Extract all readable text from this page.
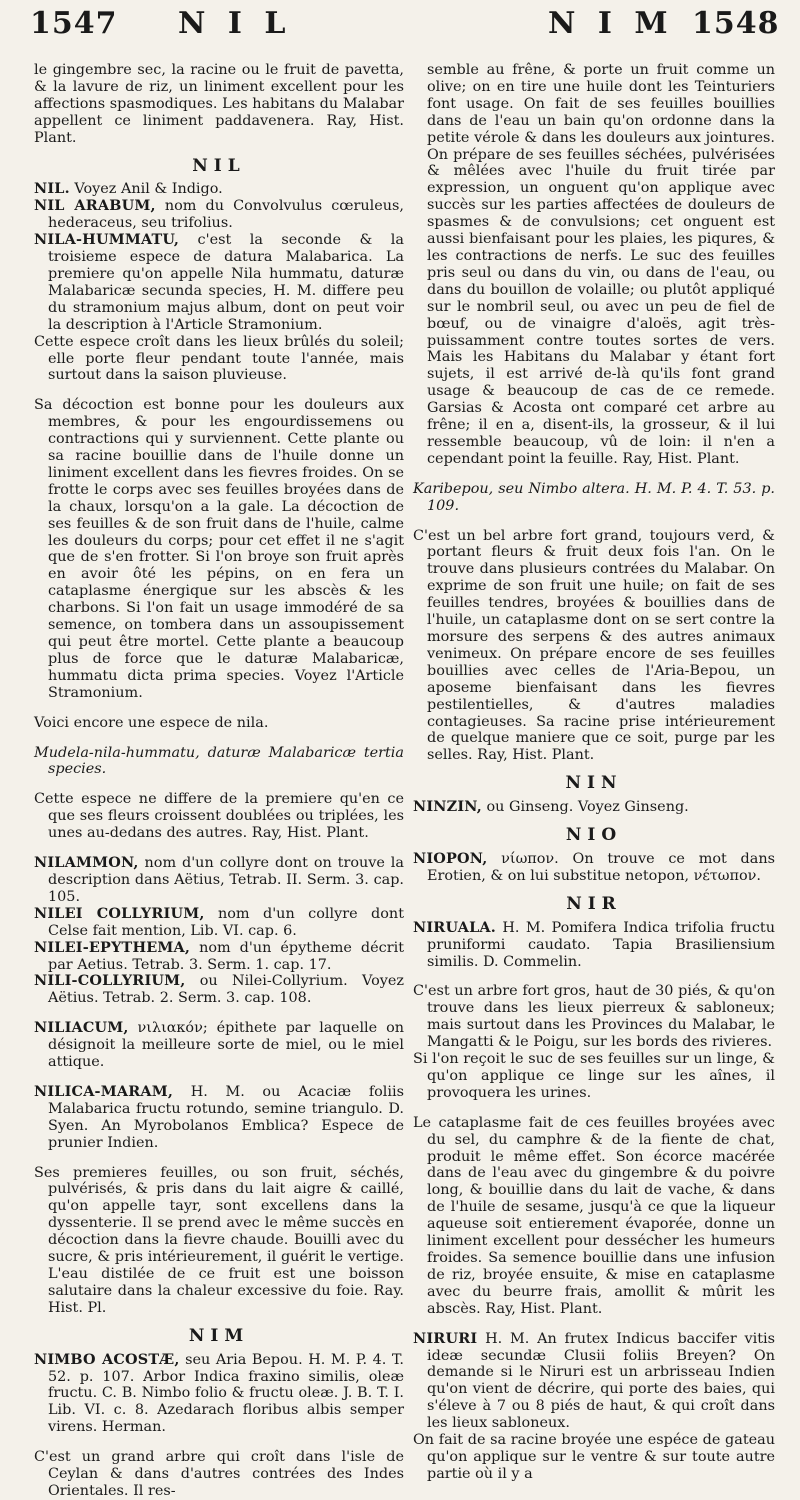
1547 N I L	N I M 1548

le gingembre sec, la racine ou le fruit de pavetta, & la lavure de riz, un liniment excellent pour les affections spasmodiques. Les habitans du Malabar appellent ce liniment paddavenera. Ray, Hist. Plant.

NIL

NIL. Voyez Anil & Indigo.

NIL ARABUM, nom du Convolvulus cœruleus, hederaceus, seu trifolius.

NILA-HUMMATU, c'est la seconde & la troisieme espece de datura Malabarica. La premiere qu'on appelle Nila hummatu, daturæ Malabaricæ secunda species, H. M. differe peu du stramonium majus album, dont on peut voir la description à l'Article Stramonium.

Cette espece croît dans les lieux brûlés du soleil; elle porte fleur pendant toute l'année, mais surtout dans la saison pluvieuse.

Sa décoction est bonne pour les douleurs aux membres, & pour les engourdissemens ou contractions qui y surviennent. Cette plante ou sa racine bouillie dans de l'huile donne un liniment excellent dans les fievres froides. On se frotte le corps avec ses feuilles broyées dans de la chaux, lorsqu'on a la gale. La décoction de ses feuilles & de son fruit dans de l'huile, calme les douleurs du corps; pour cet effet il ne s'agit que de s'en frotter. Si l'on broye son fruit après en avoir ôté les pépins, on en fera un cataplasme énergique sur les abscès & les charbons. Si l'on fait un usage immodéré de sa semence, on tombera dans un assoupissement qui peut être mortel. Cette plante a beaucoup plus de force que le daturæ Malabaricæ, hummatu dicta prima species. Voyez l'Article Stramonium.

Voici encore une espece de nila.

Mudela-nila-hummatu, daturæ Malabaricæ tertia species.

Cette espece ne differe de la premiere qu'en ce que ses fleurs croissent doublées ou triplées, les unes au-dedans des autres. Ray, Hist. Plant.

NILAMMON, nom d'un collyre dont on trouve la description dans Aëtius, Tetrab. II. Serm. 3. cap. 105.

NILEI COLLYRIUM, nom d'un collyre dont Celse fait mention, Lib. VI. cap. 6.

NILEI-EPYTHEMA, nom d'un épytheme décrit par Aetius. Tetrab. 3. Serm. 1. cap. 17.

NILI-COLLYRIUM, ou Nilei-Collyrium. Voyez Aëtius. Tetrab. 2. Serm. 3. cap. 108.

NILIACUM, νιλιακόν; épithete par laquelle on désignoit la meilleure sorte de miel, ou le miel attique.

NILICA-MARAM, H. M. ou Acaciæ foliis Malabarica fructu rotundo, semine triangulo. D. Syen. An Myrobolanos Emblica? Espece de prunier Indien.

Ses premieres feuilles, ou son fruit, séchés, pulvérisés, & pris dans du lait aigre & caillé, qu'on appelle tayr, sont excellens dans la dyssenterie. Il se prend avec le même succès en décoction dans la fievre chaude. Bouilli avec du sucre, & pris intérieurement, il guérit le vertige. L'eau distilée de ce fruit est une boisson salutaire dans la chaleur excessive du foie. Ray. Hist. Pl.

NIM

NIMBO ACOSTÆ, seu Aria Bepou. H. M. P. 4. T. 52. p. 107. Arbor Indica fraxino similis, oleæ fructu. C. B. Nimbo folio & fructu oleæ. J. B. T. I. Lib. VI. c. 8. Azedarach floribus albis semper virens. Herman.

C'est un grand arbre qui croît dans l'isle de Ceylan & dans d'autres contrées des Indes Orientales. Il res-

semble au frêne, & porte un fruit comme un olive; on en tire une huile dont les Teinturiers font usage. On fait de ses feuilles bouillies dans de l'eau un bain qu'on ordonne dans la petite vérole & dans les douleurs aux jointures. On prépare de ses feuilles séchées, pulvérisées & mêlées avec l'huile du fruit tirée par expression, un onguent qu'on applique avec succès sur les parties affectées de douleurs de spasmes & de convulsions; cet onguent est aussi bienfaisant pour les plaies, les piqures, & les contractions de nerfs. Le suc des feuilles pris seul ou dans du vin, ou dans de l'eau, ou dans du bouillon de volaille; ou plutôt appliqué sur le nombril seul, ou avec un peu de fiel de bœuf, ou de vinaigre d'aloës, agit très-puissamment contre toutes sortes de vers. Mais les Habitans du Malabar y étant fort sujets, il est arrivé de-là qu'ils font grand usage & beaucoup de cas de ce remede. Garsias & Acosta ont comparé cet arbre au frêne; il en a, disent-ils, la grosseur, & il lui ressemble beaucoup, vû de loin: il n'en a cependant point la feuille. Ray, Hist. Plant.

Karibepou, seu Nimbo altera. H. M. P. 4. T. 53. p. 109.

C'est un bel arbre fort grand, toujours verd, & portant fleurs & fruit deux fois l'an. On le trouve dans plusieurs contrées du Malabar. On exprime de son fruit une huile; on fait de ses feuilles tendres, broyées & bouillies dans de l'huile, un cataplasme dont on se sert contre la morsure des serpens & des autres animaux venimeux. On prépare encore de ses feuilles bouillies avec celles de l'Aria-Bepou, un aposeme bienfaisant dans les fievres pestilentielles, & d'autres maladies contagieuses. Sa racine prise intérieurement de quelque maniere que ce soit, purge par les selles. Ray, Hist. Plant.

NIN

NINZIN, ou Ginseng. Voyez Ginseng.

NIO

NIOPON, νίωπον. On trouve ce mot dans Erotien, & on lui substitue netopon, νέτωπον.

NIR

NIRUALA. H. M. Pomifera Indica trifolia fructu pruniformi caudato. Tapia Brasiliensium similis. D. Commelin.

C'est un arbre fort gros, haut de 30 piés, & qu'on trouve dans les lieux pierreux & sabloneux; mais surtout dans les Provinces du Malabar, le Mangatti & le Poigu, sur les bords des rivieres.

Si l'on reçoit le suc de ses feuilles sur un linge, & qu'on applique ce linge sur les aînes, il provoquera les urines.

Le cataplasme fait de ces feuilles broyées avec du sel, du camphre & de la fiente de chat, produit le même effet. Son écorce macérée dans de l'eau avec du gingembre & du poivre long, & bouillie dans du lait de vache, & dans de l'huile de sesame, jusqu'à ce que la liqueur aqueuse soit entierement évaporée, donne un liniment excellent pour dessécher les humeurs froides. Sa semence bouillie dans une infusion de riz, broyée ensuite, & mise en cataplasme avec du beurre frais, amollit & mûrit les abscès. Ray, Hist. Plant.

NIRURI H. M. An frutex Indicus baccifer vitis ideæ secundæ Clusii foliis Breyen? On demande si le Niruri est un arbrisseau Indien qu'on vient de décrire, qui porte des baies, qui s'éleve à 7 ou 8 piés de haut, & qui croît dans les lieux sabloneux.

On fait de sa racine broyée une espéce de gateau qu'on applique sur le ventre & sur toute autre partie où il y a
